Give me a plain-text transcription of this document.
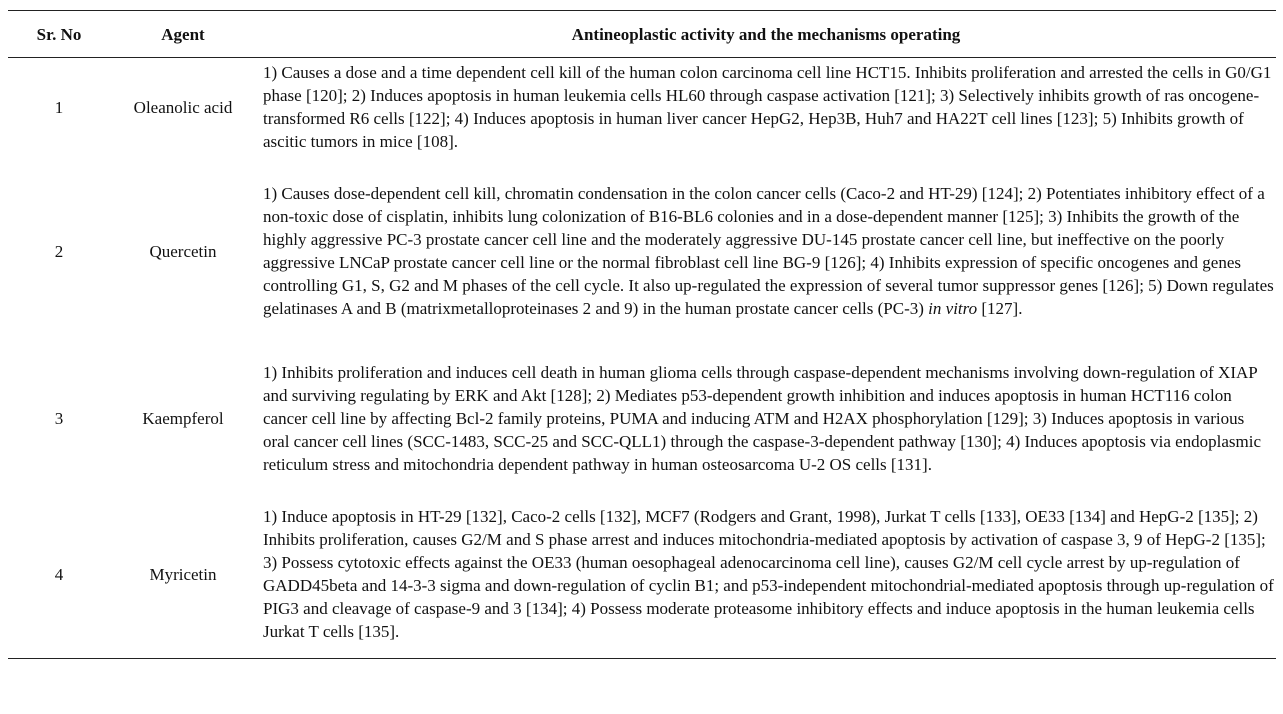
Sr. No	Agent	Antineoplastic activity and the mechanisms operating
1	Oleanolic acid	1) Causes a dose and a time dependent cell kill of the human colon carcinoma cell line HCT15. Inhibits proliferation and arrested the cells in G0/G1 phase [120]; 2) Induces apoptosis in human leukemia cells HL60 through caspase activation [121]; 3) Selectively inhibits growth of ras oncogene-transformed R6 cells [122]; 4) Induces apoptosis in human liver cancer HepG2, Hep3B, Huh7 and HA22T cell lines [123]; 5) Inhibits growth of ascitic tumors in mice [108].
2	Quercetin	1) Causes dose-dependent cell kill, chromatin condensation in the colon cancer cells (Caco-2 and HT-29) [124]; 2) Potentiates inhibitory effect of a non-toxic dose of cisplatin, inhibits lung colonization of B16-BL6 colonies and in a dose-dependent manner [125]; 3) Inhibits the growth of the highly aggressive PC-3 prostate cancer cell line and the moderately aggressive DU-145 prostate cancer cell line, but ineffective on the poorly aggressive LNCaP prostate cancer cell line or the normal fibroblast cell line BG-9 [126]; 4) Inhibits expression of specific oncogenes and genes controlling G1, S, G2 and M phases of the cell cycle. It also up-regulated the expression of several tumor suppressor genes [126]; 5) Down regulates gelatinases A and B (matrixmetalloproteinases 2 and 9) in the human prostate cancer cells (PC-3) in vitro [127].
3	Kaempferol	1) Inhibits proliferation and induces cell death in human glioma cells through caspase-dependent mechanisms involving down-regulation of XIAP and surviving regulating by ERK and Akt [128]; 2) Mediates p53-dependent growth inhibition and induces apoptosis in human HCT116 colon cancer cell line by affecting Bcl-2 family proteins, PUMA and inducing ATM and H2AX phosphorylation [129]; 3) Induces apoptosis in various oral cancer cell lines (SCC-1483, SCC-25 and SCC-QLL1) through the caspase-3-dependent pathway [130]; 4) Induces apoptosis via endoplasmic reticulum stress and mitochondria dependent pathway in human osteosarcoma U-2 OS cells [131].
4	Myricetin	1) Induce apoptosis in HT-29 [132], Caco-2 cells [132], MCF7 (Rodgers and Grant, 1998), Jurkat T cells [133], OE33 [134] and HepG-2 [135]; 2) Inhibits proliferation, causes G2/M and S phase arrest and induces mitochondria-mediated apoptosis by activation of caspase 3, 9 of HepG-2 [135]; 3) Possess cytotoxic effects against the OE33 (human oesophageal adenocarcinoma cell line), causes G2/M cell cycle arrest by up-regulation of GADD45beta and 14-3-3 sigma and down-regulation of cyclin B1; and p53-independent mitochondrial-mediated apoptosis through up-regulation of PIG3 and cleavage of caspase-9 and 3 [134]; 4) Possess moderate proteasome inhibitory effects and induce apoptosis in the human leukemia cells Jurkat T cells [135].
